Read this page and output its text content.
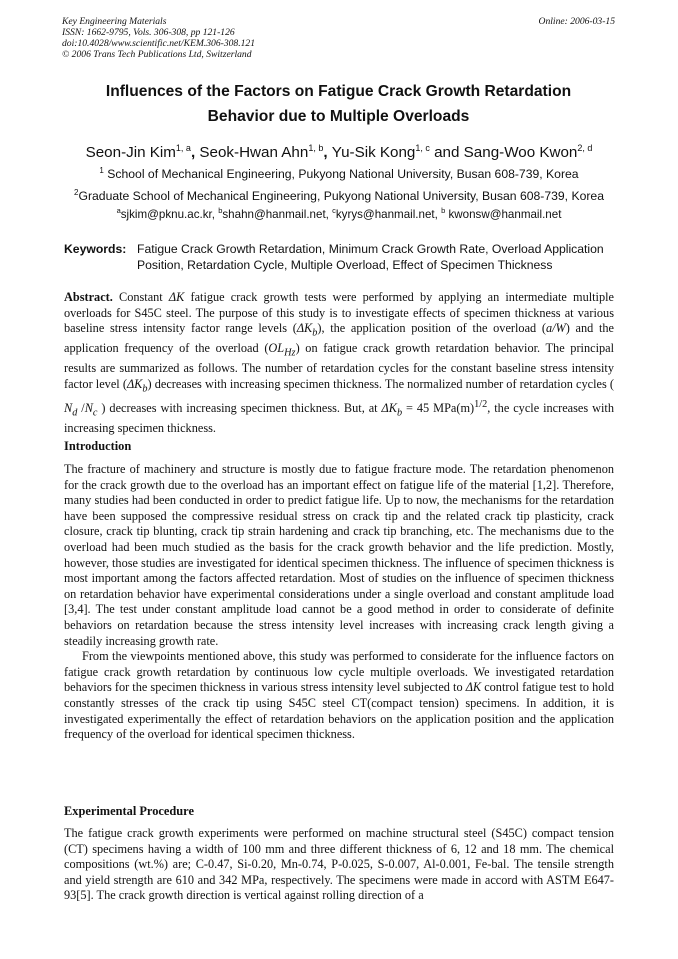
Key Engineering Materials
ISSN: 1662-9795, Vols. 306-308, pp 121-126
doi:10.4028/www.scientific.net/KEM.306-308.121
© 2006 Trans Tech Publications Ltd, Switzerland
Online: 2006-03-15
Influences of the Factors on Fatigue Crack Growth Retardation
Behavior due to Multiple Overloads
Seon-Jin Kim$^{1, a}$, Seok-Hwan Ahn$^{1, b}$, Yu-Sik Kong$^{1, c}$ and Sang-Woo Kwon$^{2, d}$
$^1$ School of Mechanical Engineering, Pukyong National University, Busan 608-739, Korea
$^2$Graduate School of Mechanical Engineering, Pukyong National University, Busan 608-739, Korea
$^a$sjkim@pknu.ac.kr, $^b$shahn@hanmail.net, $^c$kyrys@hanmail.net, $^b$ kwonsw@hanmail.net
Keywords: Fatigue Crack Growth Retardation, Minimum Crack Growth Rate, Overload Application Position, Retardation Cycle, Multiple Overload, Effect of Specimen Thickness
Abstract. Constant ΔK fatigue crack growth tests were performed by applying an intermediate multiple overloads for S45C steel. The purpose of this study is to investigate effects of specimen thickness at various baseline stress intensity factor range levels $(\Delta K_b)$, the application position of the overload (a/W) and the application frequency of the overload $(OL_{Hz})$ on fatigue crack growth retardation behavior. The principal results are summarized as follows. The number of retardation cycles for the constant baseline stress intensity factor level $(\Delta K_b)$ decreases with increasing specimen thickness. The normalized number of retardation cycles ( $N_d$ $/N_c$ ) decreases with increasing specimen thickness. But, at $\Delta K_b = 45$ $MPa(m)^{1/2}$, the cycle increases with increasing specimen thickness.
Introduction

The fracture of machinery and structure is mostly due to fatigue fracture mode. The retardation phenomenon for the crack growth due to the overload has an important effect on fatigue life of the material [1,2]. Therefore, many studies had been conducted in order to predict fatigue life. Up to now, the mechanisms for the retardation have been supposed the compressive residual stress on crack tip and the related crack tip plasticity, crack closure, crack tip blunting, crack tip strain hardening and crack tip branching, etc. The mechanisms due to the overload had been much studied as the basis for the crack growth behavior and the life prediction. Mostly, however, those studies are investigated for identical specimen thickness. The influence of specimen thickness is most important among the factors affected retardation. Most of studies on the influence of specimen thickness on retardation behavior have experimental considerations under a single overload and constant amplitude load [3,4]. The test under constant amplitude load cannot be a good method in order to considerate of definite behaviors on retardation because the stress intensity level increases with increasing crack length giving a steadily increasing growth rate.

From the viewpoints mentioned above, this study was performed to considerate for the influence factors on fatigue crack growth retardation by continuous low cycle multiple overloads. We investigated retardation behaviors for the specimen thickness in various stress intensity level subjected to ΔK control fatigue test to hold constantly stresses of the crack tip using S45C steel CT(compact tension) specimens. In addition, it is investigated experimentally the effect of retardation behaviors on the application position and the application frequency of the overload for identical specimen thickness.

Experimental Procedure

The fatigue crack growth experiments were performed on machine structural steel (S45C) compact tension (CT) specimens having a width of 100 mm and three different thickness of 6, 12 and 18 mm. The chemical compositions (wt.%) are; C-0.47, Si-0.20, Mn-0.74, P-0.025, S-0.007, Al-0.001, Fe-bal. The tensile strength and yield strength are 610 and 342 MPa, respectively. The specimens were made in accord with ASTM E647-93[5]. The crack growth direction is vertical against rolling direction of a
